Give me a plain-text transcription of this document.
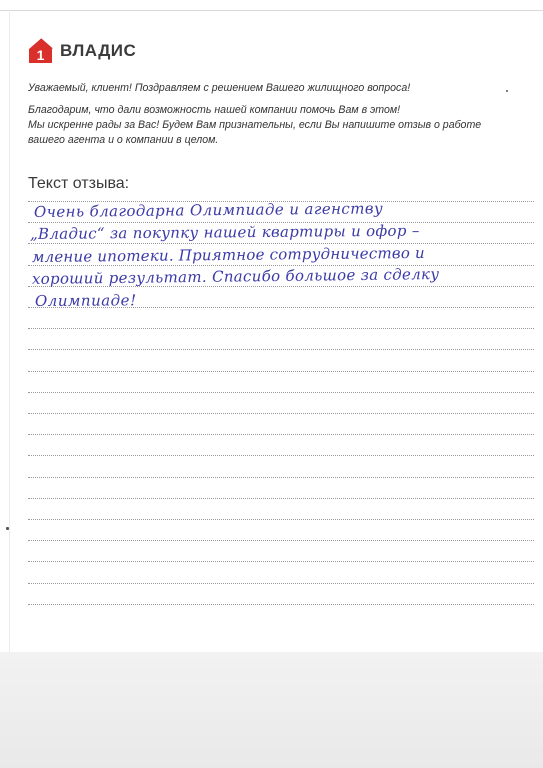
1 ВЛАДИС
Уважаемый, клиент! Поздравляем с решением Вашего жилищного вопроса!
Благодарим, что дали возможность нашей компании помочь Вам в этом!
Мы искренне рады за Вас! Будем Вам признательны, если Вы напишите отзыв о работе
вашего агента и о компании в целом.
Текст отзыва:
Очень благодарна Олимпиаде и агенству
„Владис“ за покупку нашей квартиры и офор –
мление ипотеки. Приятное сотрудничество и
хороший результат. Спасибо большое за сделку
Олимпиаде!
